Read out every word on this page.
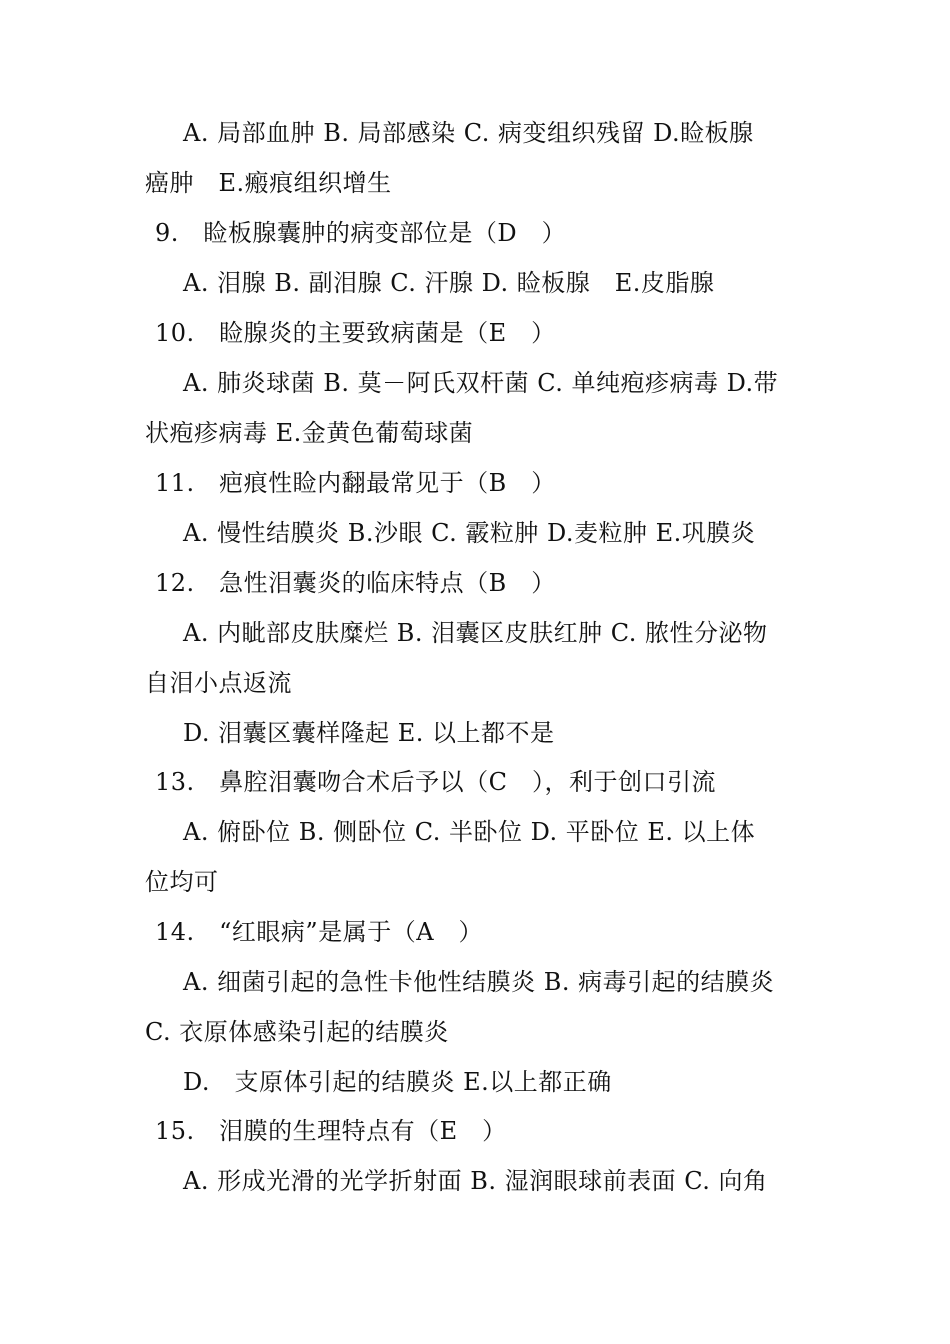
A. 局部血肿 B. 局部感染 C. 病变组织残留 D.睑板腺
癌肿　E.瘢痕组织增生
9.　睑板腺囊肿的病变部位是（D　）
A. 泪腺 B. 副泪腺 C. 汗腺 D. 睑板腺　E.皮脂腺
10.　睑腺炎的主要致病菌是（E　）
A. 肺炎球菌 B. 莫－阿氏双杆菌 C. 单纯疱疹病毒 D.带
状疱疹病毒 E.金黄色葡萄球菌
11.　疤痕性睑内翻最常见于（B　）
A. 慢性结膜炎 B.沙眼 C. 霰粒肿 D.麦粒肿 E.巩膜炎
12.　急性泪囊炎的临床特点（B　）
A. 内眦部皮肤糜烂 B. 泪囊区皮肤红肿 C. 脓性分泌物
自泪小点返流
D. 泪囊区囊样隆起 E. 以上都不是
13.　鼻腔泪囊吻合术后予以（C　），利于创口引流
A. 俯卧位 B. 侧卧位 C. 半卧位 D. 平卧位 E. 以上体
位均可
14.　“红眼病”是属于（A　）
A. 细菌引起的急性卡他性结膜炎 B. 病毒引起的结膜炎
C. 衣原体感染引起的结膜炎
D.　支原体引起的结膜炎 E.以上都正确
15.　泪膜的生理特点有（E　）
A. 形成光滑的光学折射面 B. 湿润眼球前表面 C. 向角
